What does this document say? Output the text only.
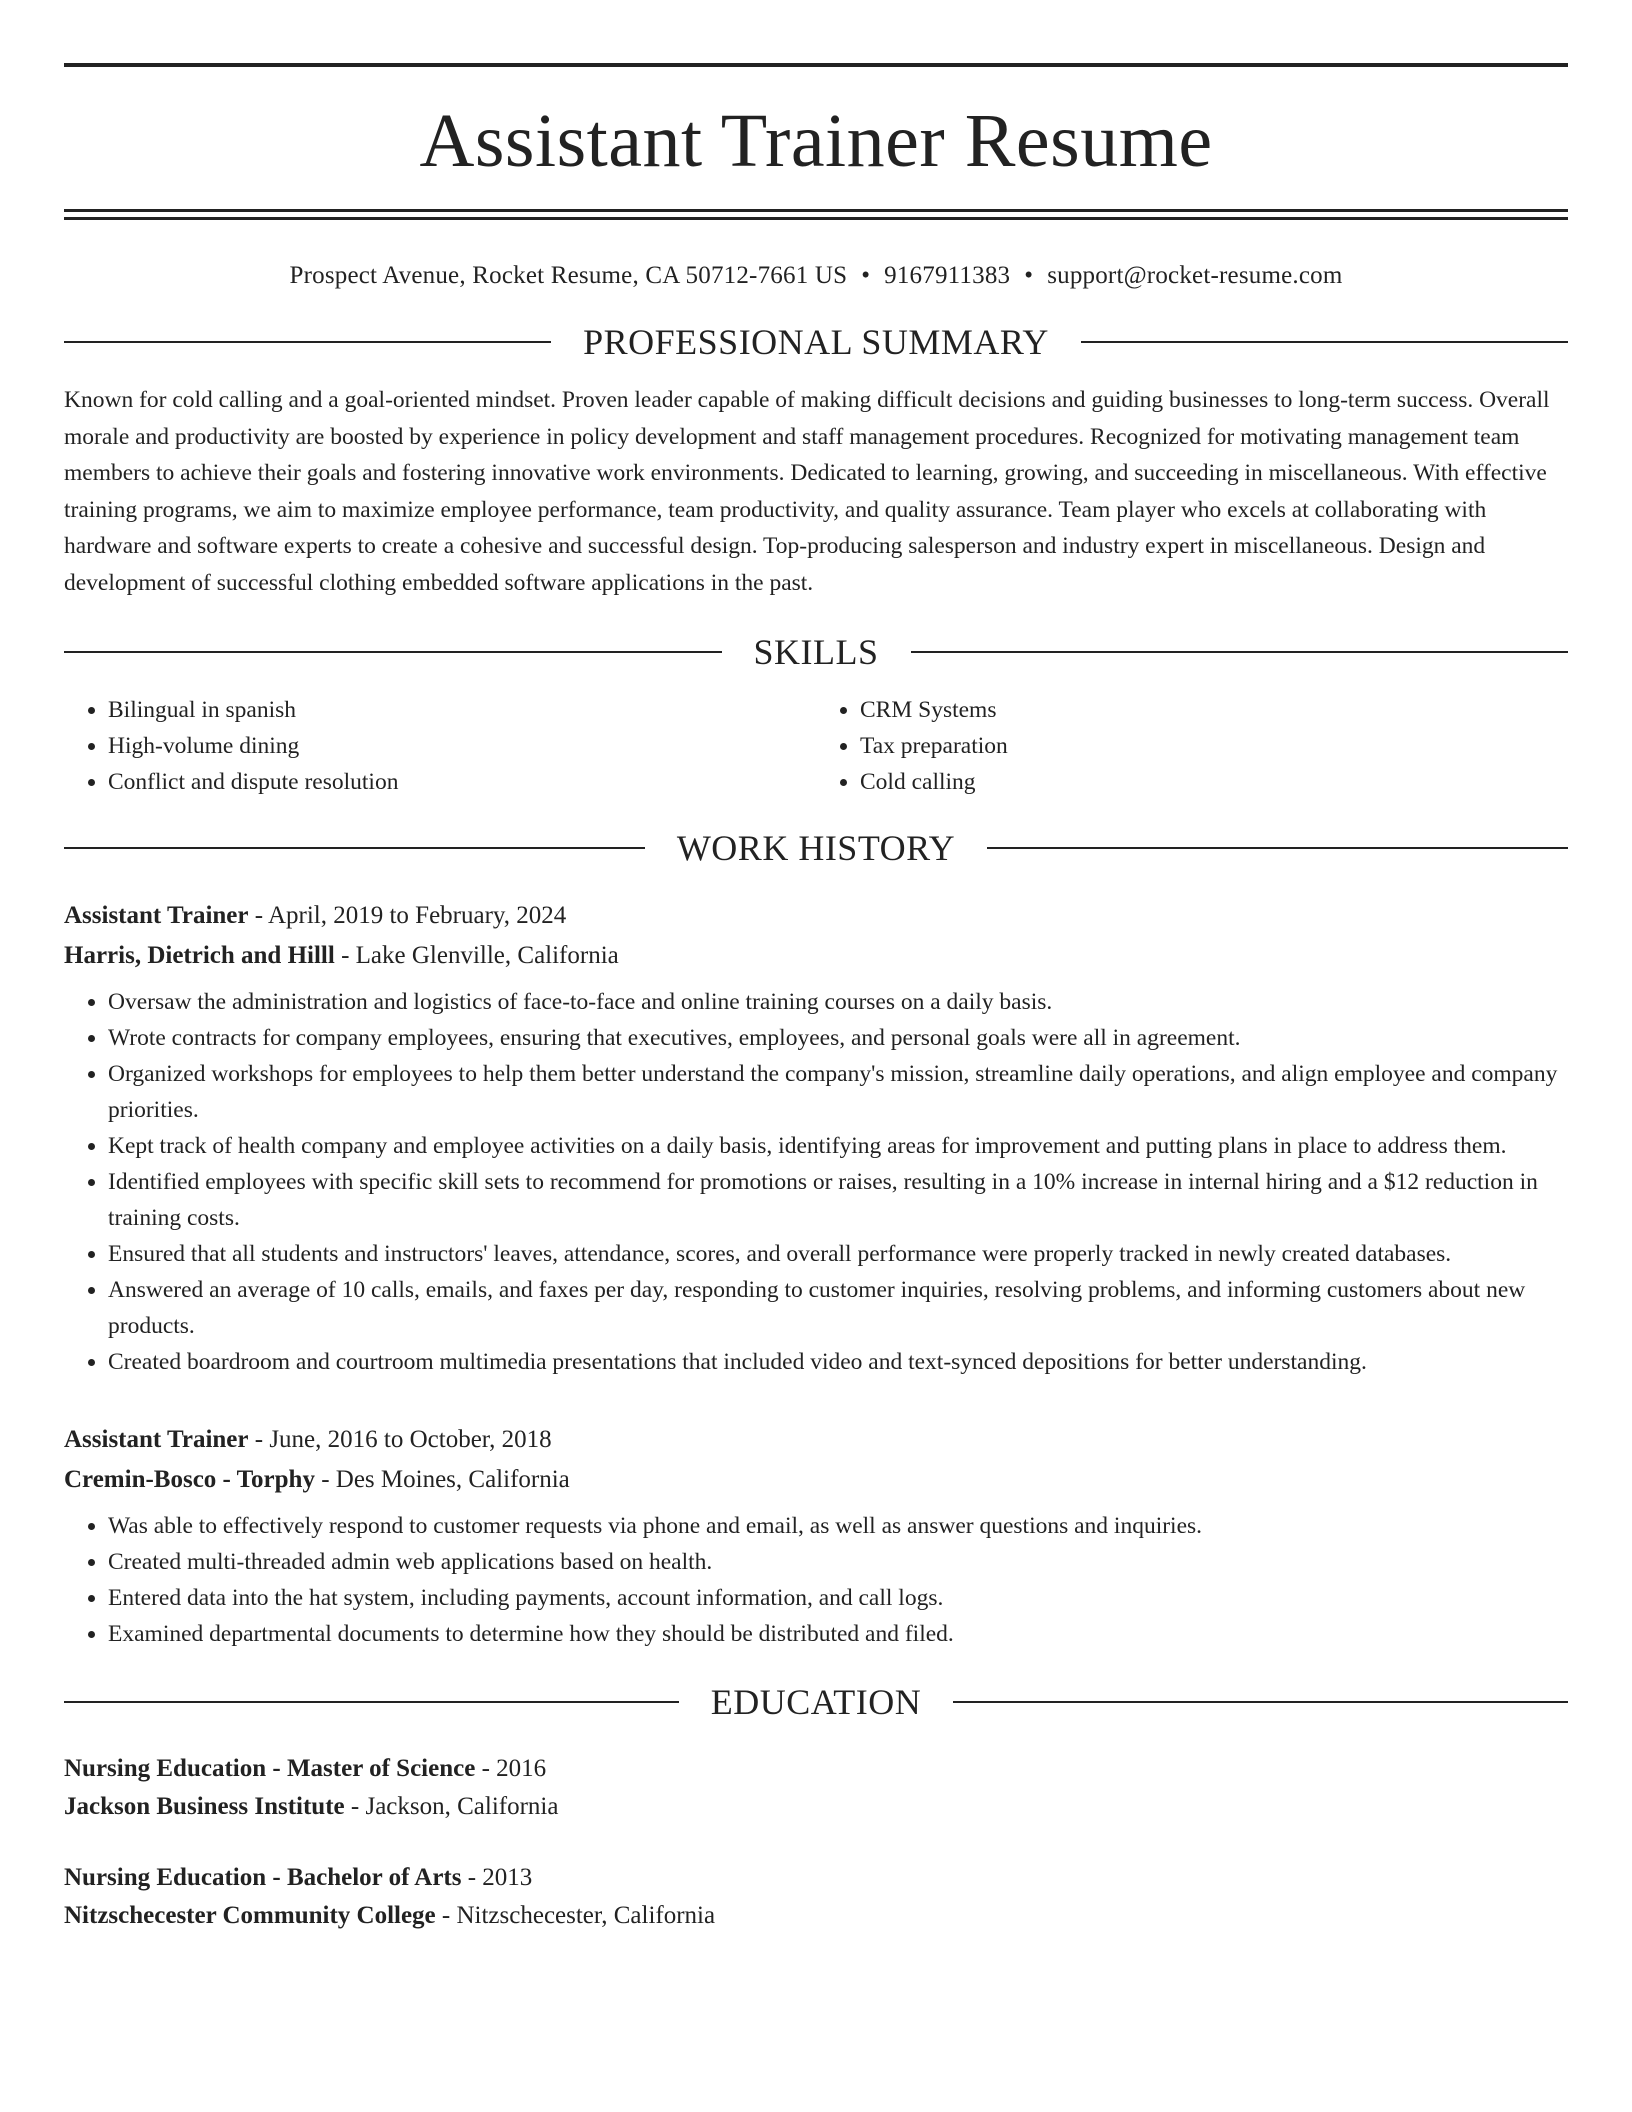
Assistant Trainer Resume
Prospect Avenue, Rocket Resume, CA 50712-7661 US • 9167911383 • support@rocket-resume.com
PROFESSIONAL SUMMARY

Known for cold calling and a goal-oriented mindset. Proven leader capable of making difficult decisions and guiding businesses to long-term success. Overall morale and productivity are boosted by experience in policy development and staff management procedures. Recognized for motivating management team members to achieve their goals and fostering innovative work environments. Dedicated to learning, growing, and succeeding in miscellaneous. With effective training programs, we aim to maximize employee performance, team productivity, and quality assurance. Team player who excels at collaborating with hardware and software experts to create a cohesive and successful design. Top-producing salesperson and industry expert in miscellaneous. Design and development of successful clothing embedded software applications in the past.

SKILLS
• Bilingual in spanish
• High-volume dining
• Conflict and dispute resolution
• CRM Systems
• Tax preparation
• Cold calling
WORK HISTORY
Assistant Trainer - April, 2019 to February, 2024
Harris, Dietrich and Hilll - Lake Glenville, California
• Oversaw the administration and logistics of face-to-face and online training courses on a daily basis.
• Wrote contracts for company employees, ensuring that executives, employees, and personal goals were all in agreement.
• Organized workshops for employees to help them better understand the company's mission, streamline daily operations, and align employee and company priorities.
• Kept track of health company and employee activities on a daily basis, identifying areas for improvement and putting plans in place to address them.
• Identified employees with specific skill sets to recommend for promotions or raises, resulting in a 10% increase in internal hiring and a $12 reduction in training costs.
• Ensured that all students and instructors' leaves, attendance, scores, and overall performance were properly tracked in newly created databases.
• Answered an average of 10 calls, emails, and faxes per day, responding to customer inquiries, resolving problems, and informing customers about new products.
• Created boardroom and courtroom multimedia presentations that included video and text-synced depositions for better understanding.
Assistant Trainer - June, 2016 to October, 2018
Cremin-Bosco - Torphy - Des Moines, California
• Was able to effectively respond to customer requests via phone and email, as well as answer questions and inquiries.
• Created multi-threaded admin web applications based on health.
• Entered data into the hat system, including payments, account information, and call logs.
• Examined departmental documents to determine how they should be distributed and filed.
EDUCATION
Nursing Education - Master of Science - 2016
Jackson Business Institute - Jackson, California
Nursing Education - Bachelor of Arts - 2013
Nitzschecester Community College - Nitzschecester, California
